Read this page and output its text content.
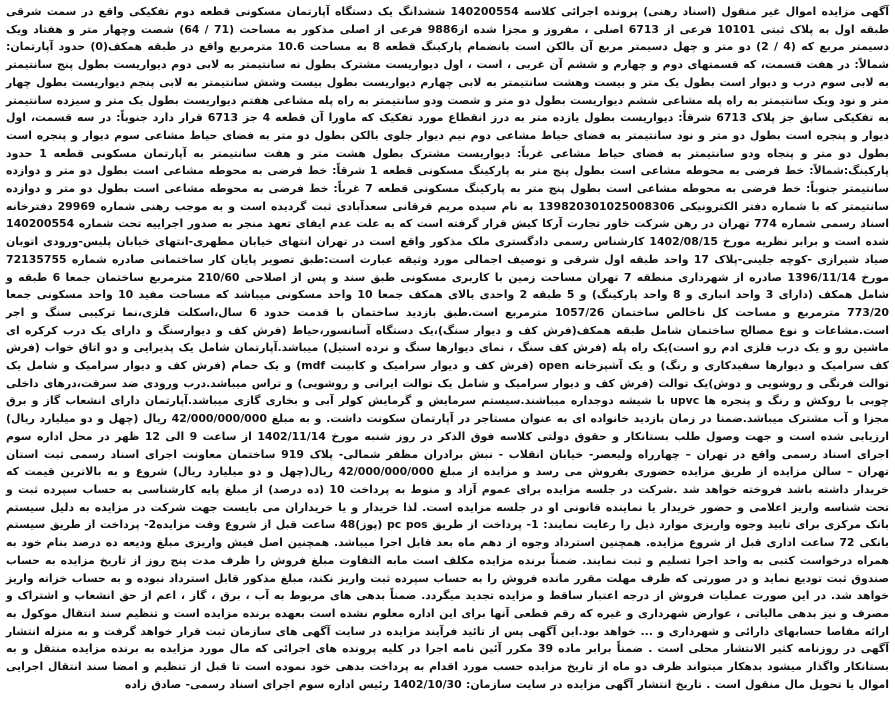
آگهی مزایده اموال غیر منقول (اسناد رهنی) پرونده اجرائی کلاسه 140200554 ششدانگ یک دستگاه آپارتمان مسکونی قطعه دوم تفکیکی واقع در سمت شرقی طبقه اول به پلاک ثبتی 10101 فرعی از 6713 اصلی ، مفروز و مجزا شده از9886 فرعی از اصلی مذکور به مساحت (71 / 64) شصت وچهار متر و هفتاد ویک دسیمتر مربع که (4 / 2) دو متر و چهل دسیمتر مربع آن بالکن است بانضمام پارکینگ قطعه 8 به مساحت 10.6 مترمربع واقع در طبقه همکف(0) حدود آپارتمان: شمالاً: در هفت قسمت، که قسمتهای دوم و چهارم و ششم آن غربی ، است ، اول دیواریست مشترک بطول نه سانتیمتر به لابی دوم دیواریست بطول پنج سانتیمتر به لابی سوم درب و دیوار است بطول یک متر و بیست وهشت سانتیمتر به لابی چهارم دیواریست بطول بیست وشش سانتیمتر به لابی پنجم دیواریست بطول چهار متر و نود ویک سانتیمتر به راه پله مشاعی ششم دیواریست بطول دو متر و شصت ودو سانتیمتر به راه پله مشاعی هفتم دیواریست بطول یک متر و سیزده سانتیمتر به تفکیکی سابق جز پلاک 6713 شرقاً: دیواریست بطول یازده متر به درز انقطاع مورد تفکیک که ماورا آن قطعه 4 جز 6713 قرار دارد جنوباً: در سه قسمت، اول دیوار و پنجره است بطول دو متر و نود سانتیمتر به فضای حیاط مشاعی دوم نیم دیوار جلوی بالکن بطول دو متر به فضای حیاط مشاعی سوم دیوار و پنجره است بطول دو متر و پنجاه ودو سانتیمتر به فضای حیاط مشاعی غرباً: دیواریست مشترک بطول هشت متر و هفت سانتیمتر به آپارتمان مسکونی قطعه 1 حدود پارکینگ:شمالاً: خط فرضی به محوطه مشاعی است بطول پنج متر به پارکینگ مسکونی قطعه 1 شرقاً: خط فرضی به محوطه مشاعی است بطول دو متر و دوازده سانتیمتر جنوباً: خط فرضی به محوطه مشاعی است بطول پنج متر به پارکینگ مسکونی قطعه 7 غرباً: خط فرضی به محوطه مشاعی است بطول دو متر و دوازده سانتیمتر که با شماره دفتر الکترونیکی 139820301025008306 به نام سیده مریم قرقانی سعدآبادی ثبت گردیده است و به موجب رهنی شماره 29969 دفترخانه اسناد رسمی شماره 774 تهران در رهن شرکت خاور تجارت آرکا کیش قرار گرفته است که به علت عدم ایفای تعهد منجر به صدور اجراییه تحت شماره 140200554 شده است و برابر نظریه مورخ 1402/08/15 کارشناس رسمی دادگستری ملک مذکور واقع است در تهران انتهای خیابان مطهری-انتهای خیابان پلیس-ورودی اتوبان صیاد شیرازی -کوچه جلینی-پلاک 17 واحد طبقه اول شرقی و توصیف اجمالی مورد وثیقه عبارت است:طبق تصویر پایان کار ساختمانی صادره شماره 72135755 مورخ 1396/11/14 صادره از شهرداری منطقه 7 تهران مساحت زمین با کاربری مسکونی طبق سند و پس از اصلاحی 210/60 مترمربع ساختمان جمعا 6 طبقه و شامل همکف (دارای 3 واحد انباری و 8 واحد پارکینگ) و 5 طبقه 2 واحدی بالای همکف جمعا 10 واحد مسکونی میباشد که مساحت مفید 10 واحد مسکونی جمعا 773/20 مترمربع و مساحت کل ناخالص ساختمان 1057/26 مترمربع است.طبق بازدید ساختمان با قدمت حدود 6 سال،اسکلت فلزی،نما ترکیبی سنگ و اجر است.مشاعات و نوع مصالح ساختمان شامل طبقه همکف(فرش کف و دیوار سنگ)،یک دستگاه آسانسور،حیاط (فرش کف و دیوارسنگ و دارای یک درب کرکره ای ماشین رو و یک درب فلزی ادم رو است)یک راه پله (فرش کف سنگ ، نمای دیوارها سنگ و نرده استیل) میباشد.آپارتمان شامل یک پذیرایی و دو اتاق خواب (فرش کف سرامیک و دیوارها سفیدکاری و رنگ) و یک آشپزخانه open (فرش کف و دیوار سرامیک و کابینت mdf) و یک حمام (فرش کف و دیوار سرامیک و شامل یک توالت فرنگی و روشویی و دوش)یک توالت (فرش کف و دیوار سرامیک و شامل یک توالت ایرانی و روشویی) و تراس میباشد.درب ورودی ضد سرقت،درهای داخلی چوبی با روکش و رنگ و پنجره ها upvc با شیشه دوجداره میباشند.سیستم سرمایش و گرمایش کولر آبی و بخاری گازی میباشد.آپارتمان دارای انشعاب گاز و برق مجزا و آب مشترک میباشد.ضمنا در زمان بازدید خانواده ای به عنوان مستاجر در آپارتمان سکونت داشت. و به مبلغ 42/000/000/000 ریال (چهل و دو میلیارد ریال) ارزیابی شده است و جهت وصول طلب بستانکار و حقوق دولتی کلاسه فوق الذکر در روز شنبه مورخ 1402/11/14 از ساعت 9 الی 12 ظهر در محل اداره سوم اجرای اسناد رسمی واقع در تهران – چهارراه ولیعصر- خیابان انقلاب - نبش برادران مظفر شمالی- پلاک 919 ساختمان معاونت اجرای اسناد رسمی ثبت استان تهران – سالن مزایده از طریق مزایده حضوری بفروش می رسد و مزایده از مبلغ 42/000/000/000 ریال(چهل و دو میلیارد ریال) شروع و به بالاترین قیمت که خریدار داشته باشد فروخته خواهد شد .شرکت در جلسه مزایده برای عموم آزاد و منوط به پرداخت 10 (ده درصد) از مبلغ پایه کارشناسی به حساب سپرده ثبت و تحت شناسه واریز اعلامی و حضور خریدار یا نماینده قانونی او در جلسه مزایده است. لذا خریدار و یا خریداران می بایست جهت شرکت در مزایده به دلیل سیستم بانک مرکزی برای تایید وجوه واریزی موارد ذیل را رعایت نمایند: 1- پرداخت از طریق pc pos (پوز)48 ساعت قبل از شروع وقت مزایده2- پرداخت از طریق سیستم بانکی 72 ساعت اداری قبل از شروع مزایده. همچنین استرداد وجوه از دهم ماه بعد قابل اجرا میباشد. همچنین اصل فیش واریزی مبلغ ودیعه ده درصد بنام خود به همراه درخواست کتبی به واحد اجرا تسلیم و ثبت نمایند. ضمناً برنده مزایده مکلف است مابه التفاوت مبلغ فروش را ظرف مدت پنج روز از تاریخ مزایده به حساب صندوق ثبت تودیع نماید و در صورتی که ظرف مهلت مقرر مانده فروش را به حساب سپرده ثبت واریز نکند، مبلغ مذکور قابل استرداد نبوده و به حساب خزانه واریز خواهد شد. در این صورت عملیات فروش از درجه اعتبار ساقط و مزایده تجدید میگردد. ضمناً بدهی های مربوط به آب ، برق ، گاز ، اعم از حق انشعاب و اشتراک و مصرف و نیز بدهی مالیاتی ، عوارض شهرداری و غیره که رقم قطعی آنها برای این اداره معلوم نشده است بعهده برنده مزایده است و تنظیم سند انتقال موکول به ارائه مفاصا حسابهای دارائی و شهرداری و ... خواهد بود.این آگهی پس از تائید فرآیند مزایده در سایت آگهی های سازمان ثبت قرار خواهد گرفت و به منزله انتشار آگهی در روزنامه کثیر الانتشار محلی است . ضمناً برابر ماده 39 مکرر آئین نامه اجرا در کلیه پرونده های اجرائی که مال مورد مزایده به برنده مزایده منتقل و به بستانکار واگذار میشود بدهکار میتواند ظرف دو ماه از تاریخ مزایده حسب مورد اقدام به پرداخت بدهی خود نموده است تا قبل از تنظیم و امضا سند انتقال اجرایی اموال یا تحویل مال منقول است . تاریخ انتشار آگهی مزایده در سایت سازمان: 1402/10/30 رئیس اداره سوم اجرای اسناد رسمی- صادق زاده
